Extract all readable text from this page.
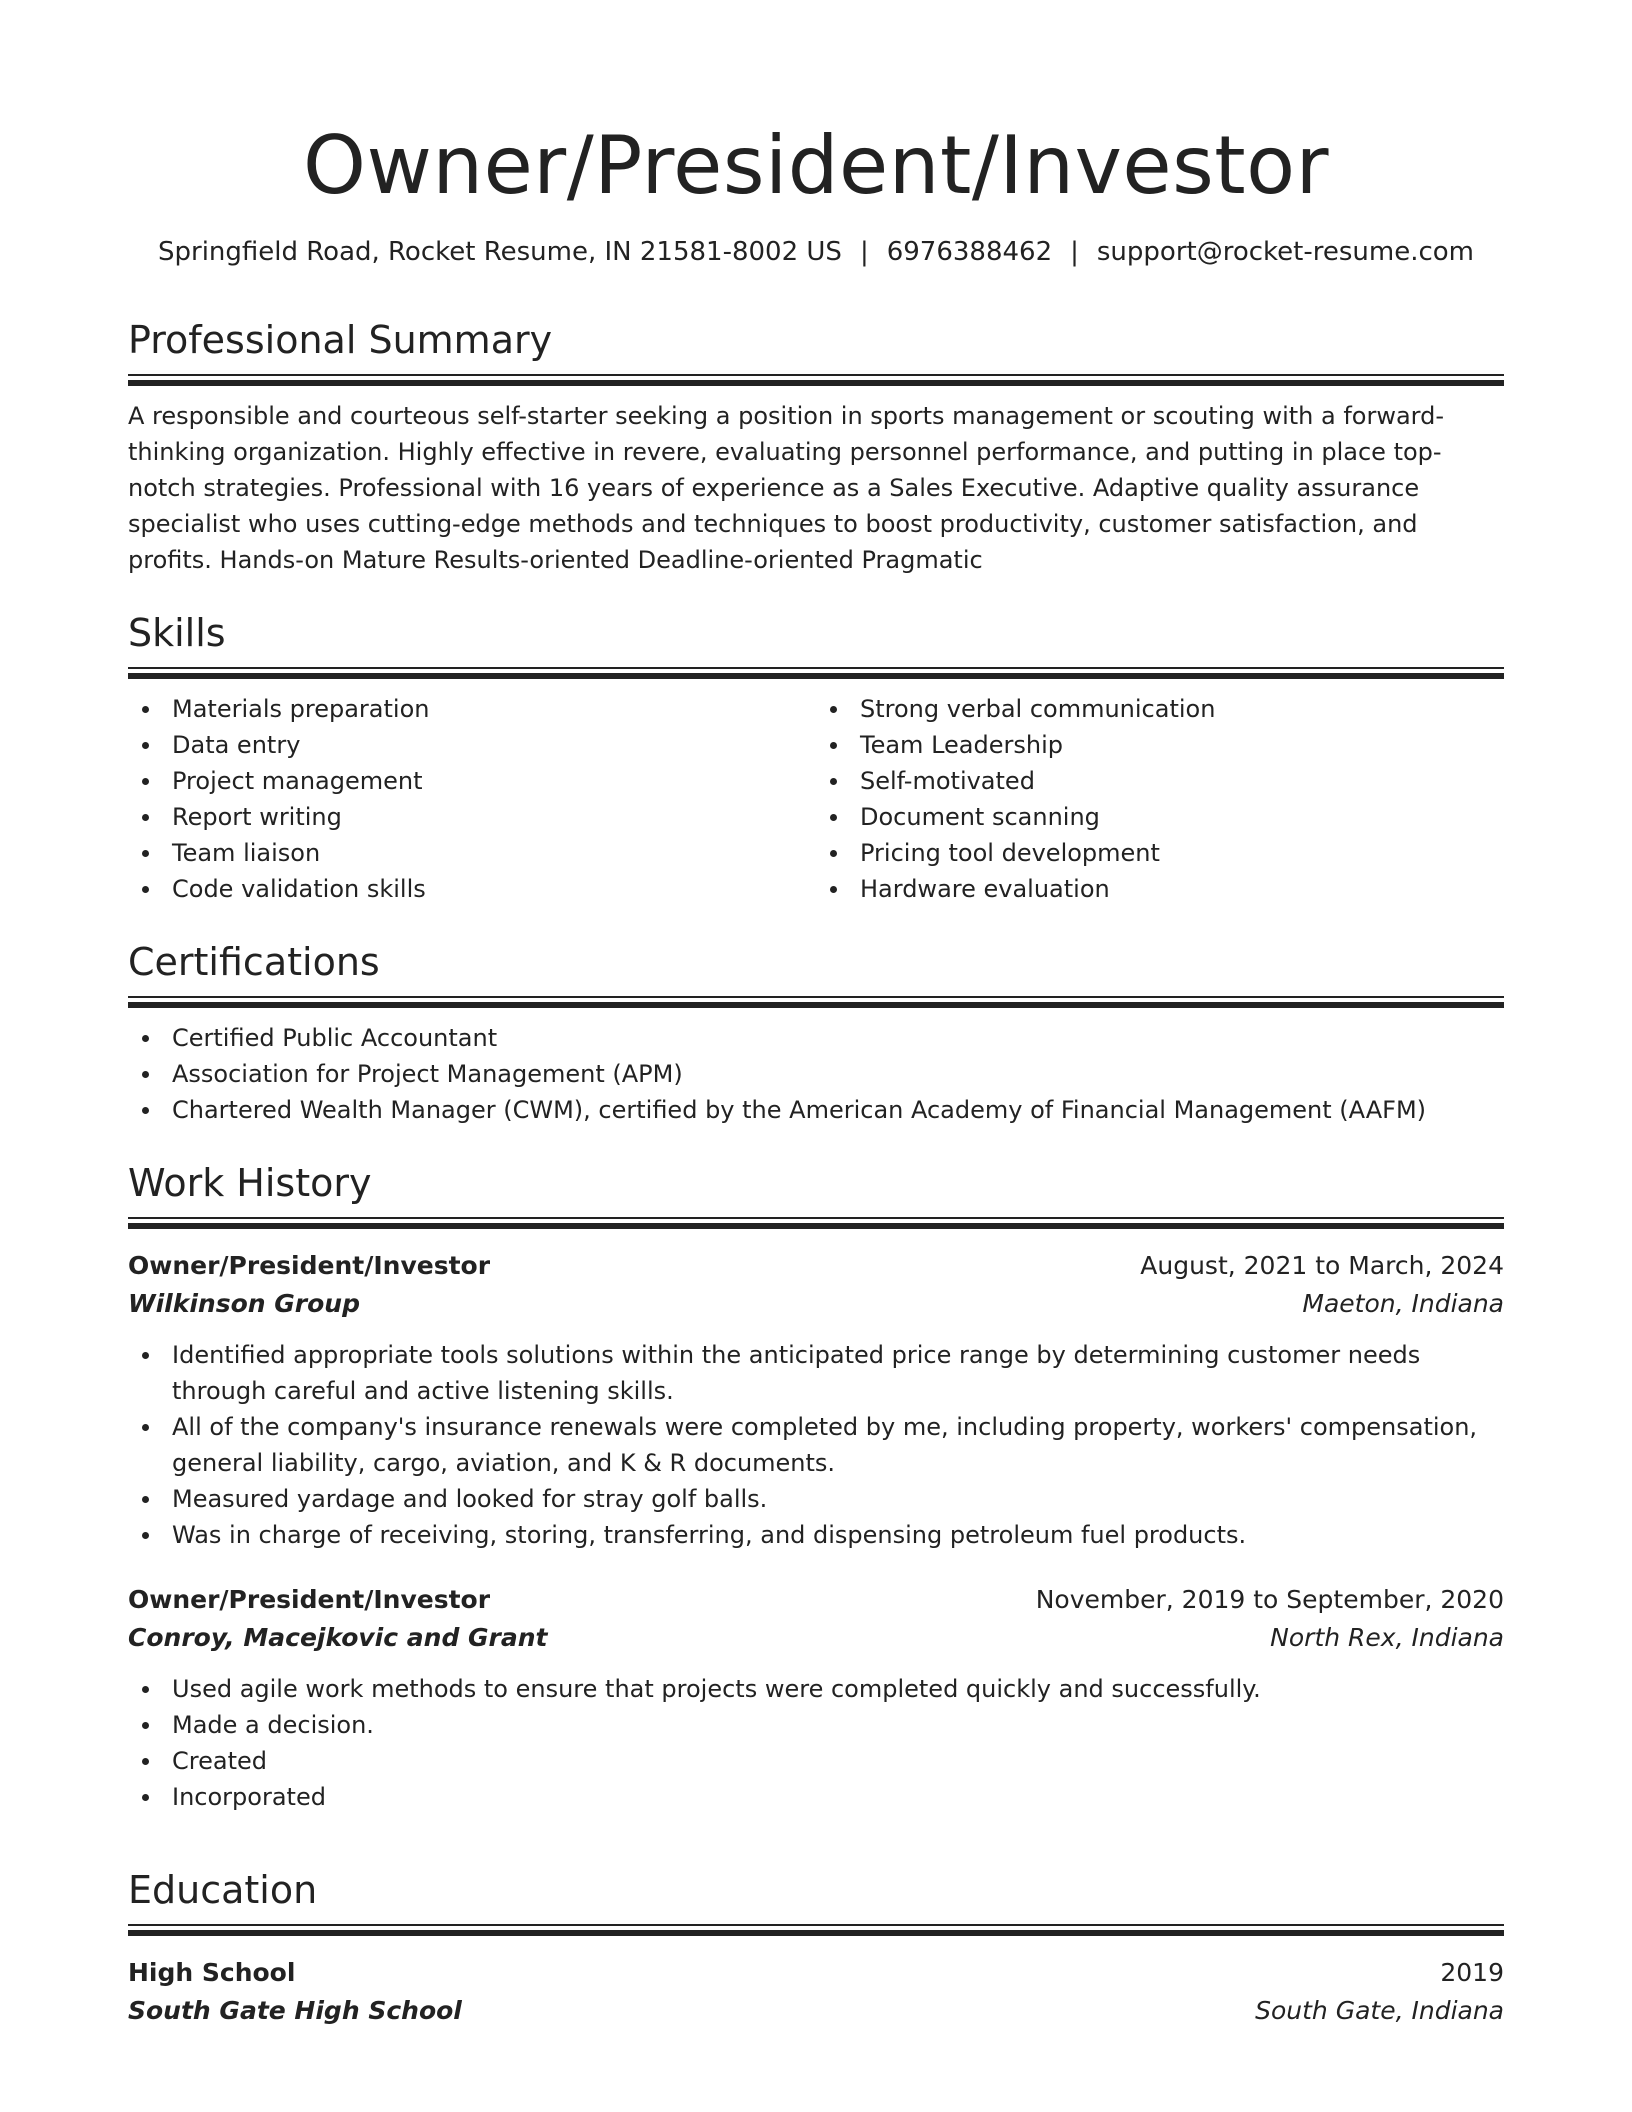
Owner/President/Investor
Springfield Road, Rocket Resume, IN 21581-8002 US | 6976388462 | support@rocket-resume.com
Professional Summary

A responsible and courteous self-starter seeking a position in sports management or scouting with a forward-thinking organization. Highly effective in revere, evaluating personnel performance, and putting in place top-notch strategies. Professional with 16 years of experience as a Sales Executive. Adaptive quality assurance specialist who uses cutting-edge methods and techniques to boost productivity, customer satisfaction, and profits. Hands-on Mature Results-oriented Deadline-oriented Pragmatic

Skills
Materials preparation
Data entry
Project management
Report writing
Team liaison
Code validation skills
Strong verbal communication
Team Leadership
Self-motivated
Document scanning
Pricing tool development
Hardware evaluation
Certifications
Certified Public Accountant
Association for Project Management (APM)
Chartered Wealth Manager (CWM), certified by the American Academy of Financial Management (AAFM)
Work History
Owner/President/Investor	August, 2021 to March, 2024
Wilkinson Group	Maeton, Indiana
Identified appropriate tools solutions within the anticipated price range by determining customer needs through careful and active listening skills.
All of the company's insurance renewals were completed by me, including property, workers' compensation, general liability, cargo, aviation, and K & R documents.
Measured yardage and looked for stray golf balls.
Was in charge of receiving, storing, transferring, and dispensing petroleum fuel products.
Owner/President/Investor	November, 2019 to September, 2020
Conroy, Macejkovic and Grant	North Rex, Indiana
Used agile work methods to ensure that projects were completed quickly and successfully.
Made a decision.
Created
Incorporated
Education
High School	2019
South Gate High School	South Gate, Indiana
